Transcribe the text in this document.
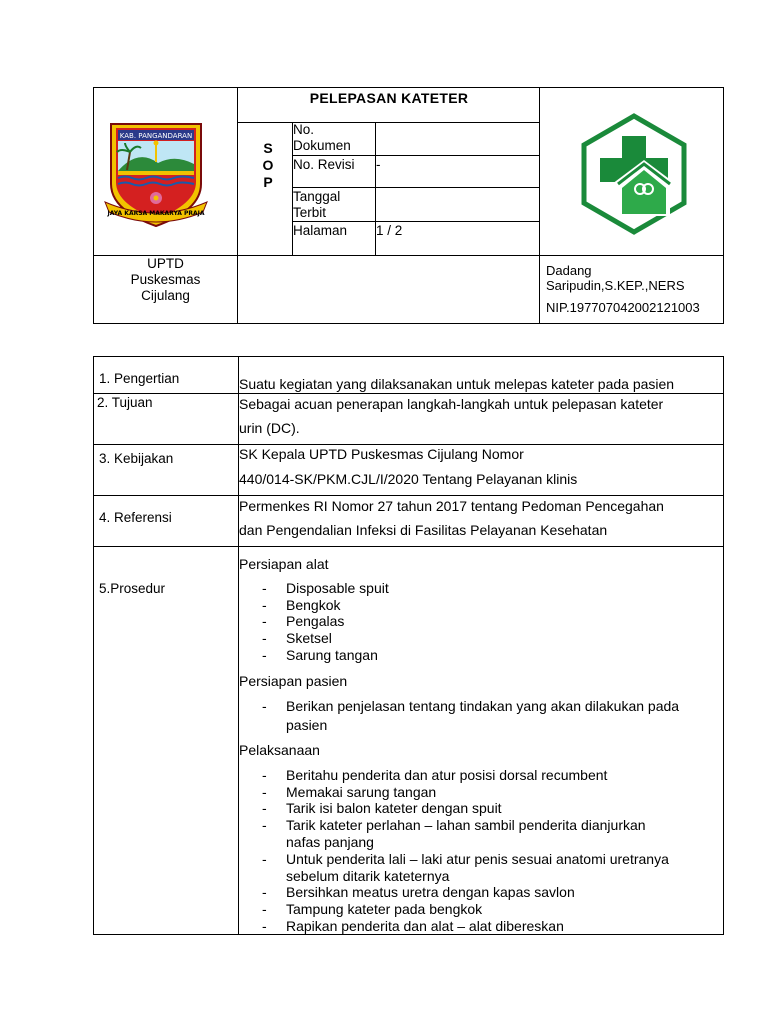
KAB. PANGANDARAN
JAYA KARSA MAKARYA PRAJA
PELEPASAN KATETER
S
O
P
No.
Dokumen
No. Revisi -
Tanggal
Terbit
Halaman 1 / 2
UPTD
Puskesmas
Cijulang
Dadang
Saripudin,S.KEP.,NERS
NIP.197707042002121003
1. Pengertian
2. Tujuan
3. Kebijakan
4. Referensi
5.Prosedur
Suatu kegiatan yang dilaksanakan untuk melepas kateter pada pasien
Sebagai acuan penerapan langkah-langkah untuk pelepasan kateter
urin (DC).
SK Kepala UPTD Puskesmas Cijulang Nomor
440/014-SK/PKM.CJL/I/2020 Tentang Pelayanan klinis
Permenkes RI Nomor 27 tahun 2017 tentang Pedoman Pencegahan
dan Pengendalian Infeksi di Fasilitas Pelayanan Kesehatan
Persiapan alat
- Disposable spuit
- Bengkok
- Pengalas
- Sketsel
- Sarung tangan
Persiapan pasien
- Berikan penjelasan tentang tindakan yang akan dilakukan pada
pasien
Pelaksanaan
- Beritahu penderita dan atur posisi dorsal recumbent
- Memakai sarung tangan
- Tarik isi balon kateter dengan spuit
- Tarik kateter perlahan – lahan sambil penderita dianjurkan
nafas panjang
- Untuk penderita lali – laki atur penis sesuai anatomi uretranya
sebelum ditarik kateternya
- Bersihkan meatus uretra dengan kapas savlon
- Tampung kateter pada bengkok
- Rapikan penderita dan alat – alat dibereskan
